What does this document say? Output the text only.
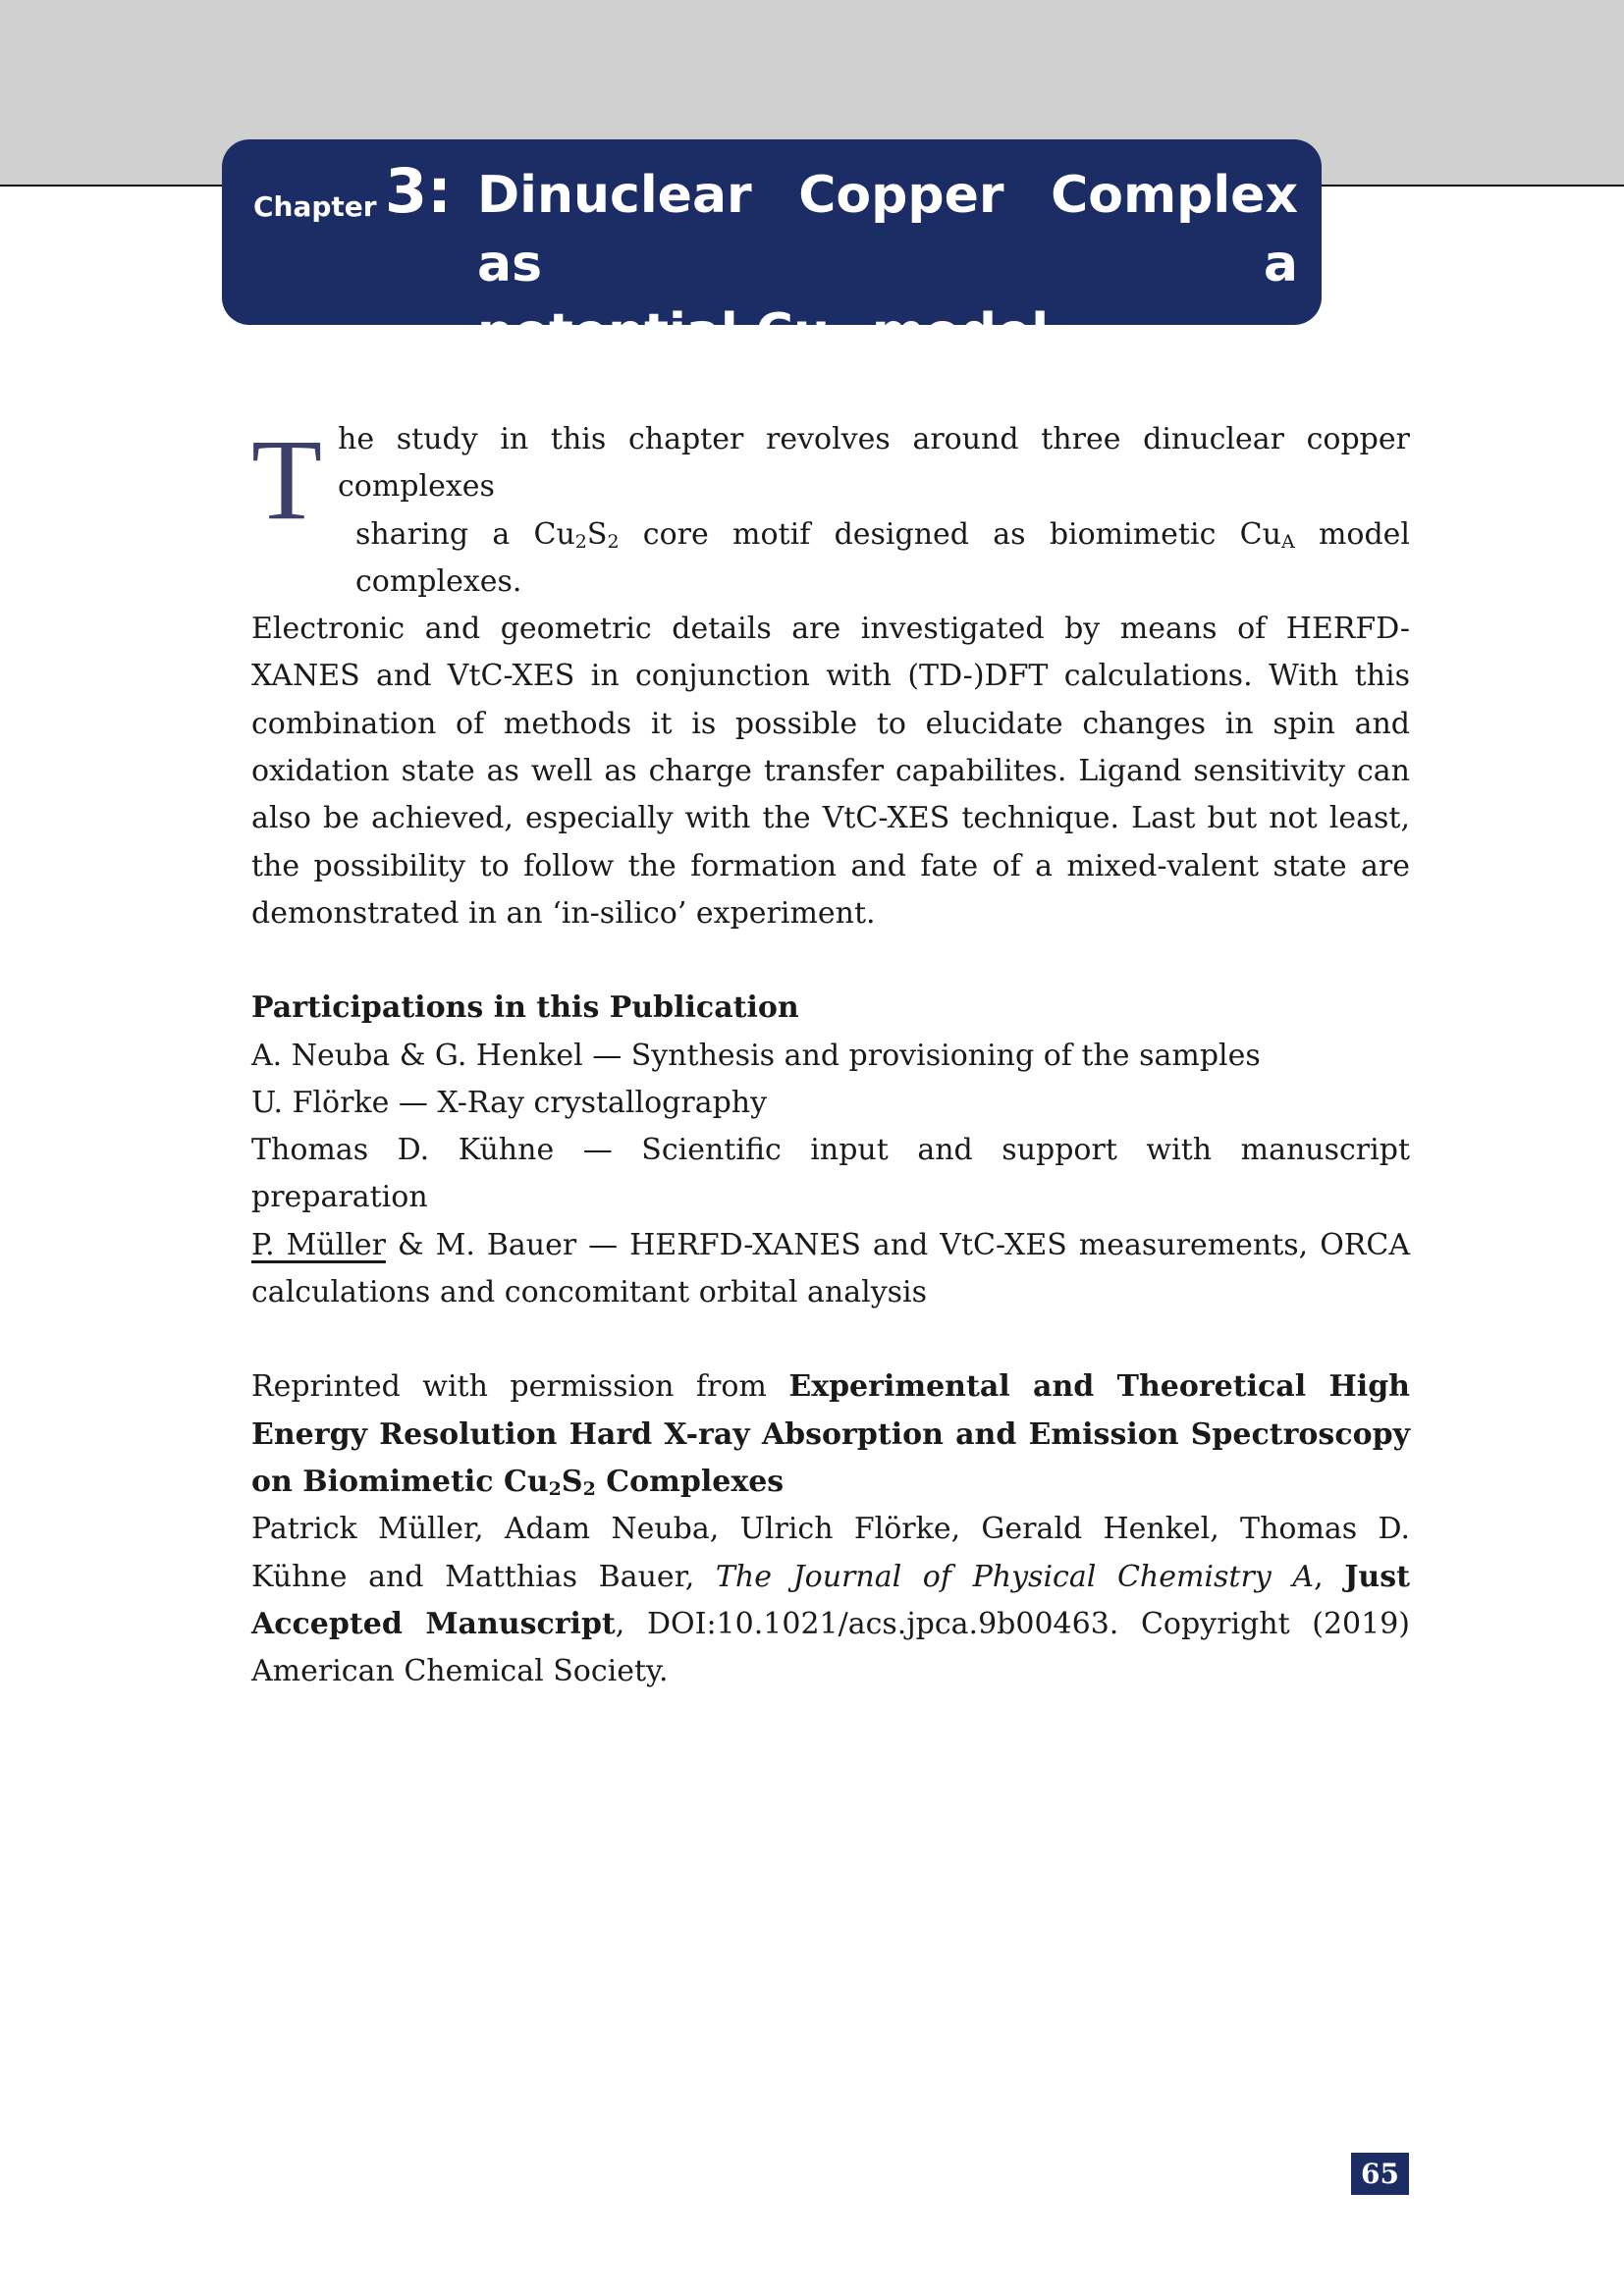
Chapter 3: Dinuclear Copper Complex as a
potential $Cu_A$ model
T he study in this chapter revolves around three dinuclear copper complexes
sharing a $Cu_2S_2$ core motif designed as biomimetic $Cu_A$ model complexes.

Electronic and geometric details are investigated by means of HERFD-XANES and VtC-XES in conjunction with (TD-)DFT calculations. With this combination of methods it is possible to elucidate changes in spin and oxidation state as well as charge transfer capabilites. Ligand sensitivity can also be achieved, especially with the VtC-XES technique. Last but not least, the possibility to follow the formation and fate of a mixed-valent state are demonstrated in an ‘in-silico’ experiment.

Participations in this Publication
A. Neuba & G. Henkel — Synthesis and provisioning of the samples
U. Flörke — X-Ray crystallography
Thomas D. Kühne — Scientific input and support with manuscript preparation

P. Müller & M. Bauer — HERFD-XANES and VtC-XES measurements, ORCA calculations and concomitant orbital analysis

Reprinted with permission from Experimental and Theoretical High Energy Resolution Hard X-ray Absorption and Emission Spectroscopy on Biomimetic $Cu_2S_2$ Complexes

Patrick Müller, Adam Neuba, Ulrich Flörke, Gerald Henkel, Thomas D. Kühne and Matthias Bauer, The Journal of Physical Chemistry A, Just Accepted Manuscript, DOI:10.1021/acs.jpca.9b00463. Copyright (2019) American Chemical Society.

65
